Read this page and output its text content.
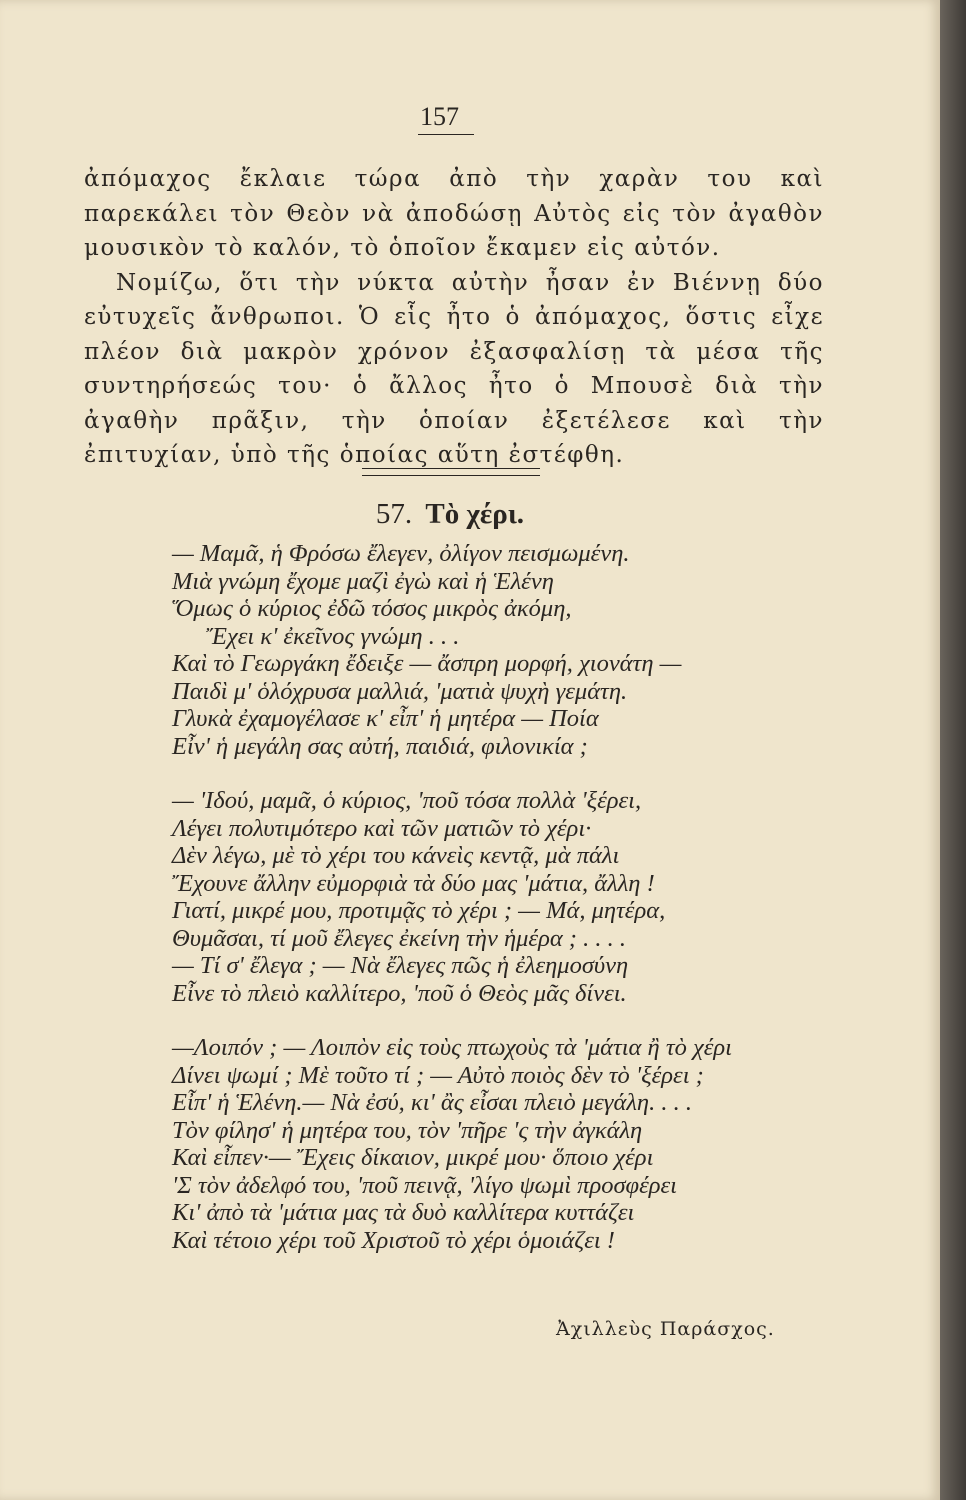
157

ἀπόμαχος ἔκλαιε τώρα ἀπὸ τὴν χαρὰν του καὶ παρεκάλει τὸν Θεὸν νὰ ἀποδώσῃ Αὐτὸς εἰς τὸν ἀγαθὸν μουσικὸν τὸ καλόν, τὸ ὁποῖον ἔκαμεν εἰς αὐτόν.

Νομίζω, ὅτι τὴν νύκτα αὐτὴν ἦσαν ἐν Βιέννῃ δύο εὐτυχεῖς ἄνθρωποι. Ὁ εἷς ἦτο ὁ ἀπόμαχος, ὅστις εἶχε πλέον διὰ μακρὸν χρόνον ἐξασφαλίσῃ τὰ μέσα τῆς συντηρήσεώς του· ὁ ἄλλος ἦτο ὁ Μπουσὲ διὰ τὴν ἀγαθὴν πρᾶξιν, τὴν ὁποίαν ἐξετέλεσε καὶ τὴν ἐπιτυχίαν, ὑπὸ τῆς ὁποίας αὕτη ἐστέφθη.

57. Τὸ χέρι.
— Μαμᾶ, ἡ Φρόσω ἔλεγεν, ὀλίγον πεισμωμένη.
Μιὰ γνώμη ἔχομε μαζὶ ἐγὼ καὶ ἡ Ἑλένη
Ὅμως ὁ κύριος ἐδῶ τόσος μικρὸς ἀκόμη,
Ἔχει κ' ἐκεῖνος γνώμη . . .
Καὶ τὸ Γεωργάκη ἔδειξε — ἄσπρη μορφή, χιονάτη —
Παιδὶ μ' ὁλόχρυσα μαλλιά, 'ματιὰ ψυχὴ γεμάτη.
Γλυκὰ ἐχαμογέλασε κ' εἶπ' ἡ μητέρα — Ποία
Εἶν' ἡ μεγάλη σας αὐτή, παιδιά, φιλονικία ;
— 'Ιδού, μαμᾶ, ὁ κύριος, 'ποῦ τόσα πολλὰ 'ξέρει,
Λέγει πολυτιμότερο καὶ τῶν ματιῶν τὸ χέρι·
Δὲν λέγω, μὲ τὸ χέρι του κάνεὶς κεντᾷ, μὰ πάλι
Ἔχουνε ἄλλην εὐμορφιὰ τὰ δύο μας 'μάτια, ἄλλη !
Γιατί, μικρέ μου, προτιμᾷς τὸ χέρι ; — Μά, μητέρα,
Θυμᾶσαι, τί μοῦ ἔλεγες ἐκείνη τὴν ἡμέρα ; . . . .
— Τί σ' ἔλεγα ; — Νὰ ἔλεγες πῶς ἡ ἐλεημοσύνη
Εἶνε τὸ πλειὸ καλλίτερο, 'ποῦ ὁ Θεὸς μᾶς δίνει.
—Λοιπόν ; — Λοιπὸν εἰς τοὺς πτωχοὺς τὰ 'μάτια ἢ τὸ χέρι
Δίνει ψωμί ; Μὲ τοῦτο τί ; — Αὐτὸ ποιὸς δὲν τὸ 'ξέρει ;
Εἶπ' ἡ Ἑλένη.— Νὰ ἐσύ, κι' ἂς εἶσαι πλειὸ μεγάλη. . . .
Τὸν φίλησ' ἡ μητέρα του, τὸν 'πῆρε 'ς τὴν ἀγκάλη
Καὶ εἶπεν·— Ἔχεις δίκαιον, μικρέ μου· ὅποιο χέρι
'Σ τὸν ἀδελφό του, 'ποῦ πεινᾷ, 'λίγο ψωμὶ προσφέρει
Κι' ἀπὸ τὰ 'μάτια μας τὰ δυὸ καλλίτερα κυττάζει
Καὶ τέτοιο χέρι τοῦ Χριστοῦ τὸ χέρι ὁμοιάζει !
Ἀχιλλεὺς Παράσχος.
